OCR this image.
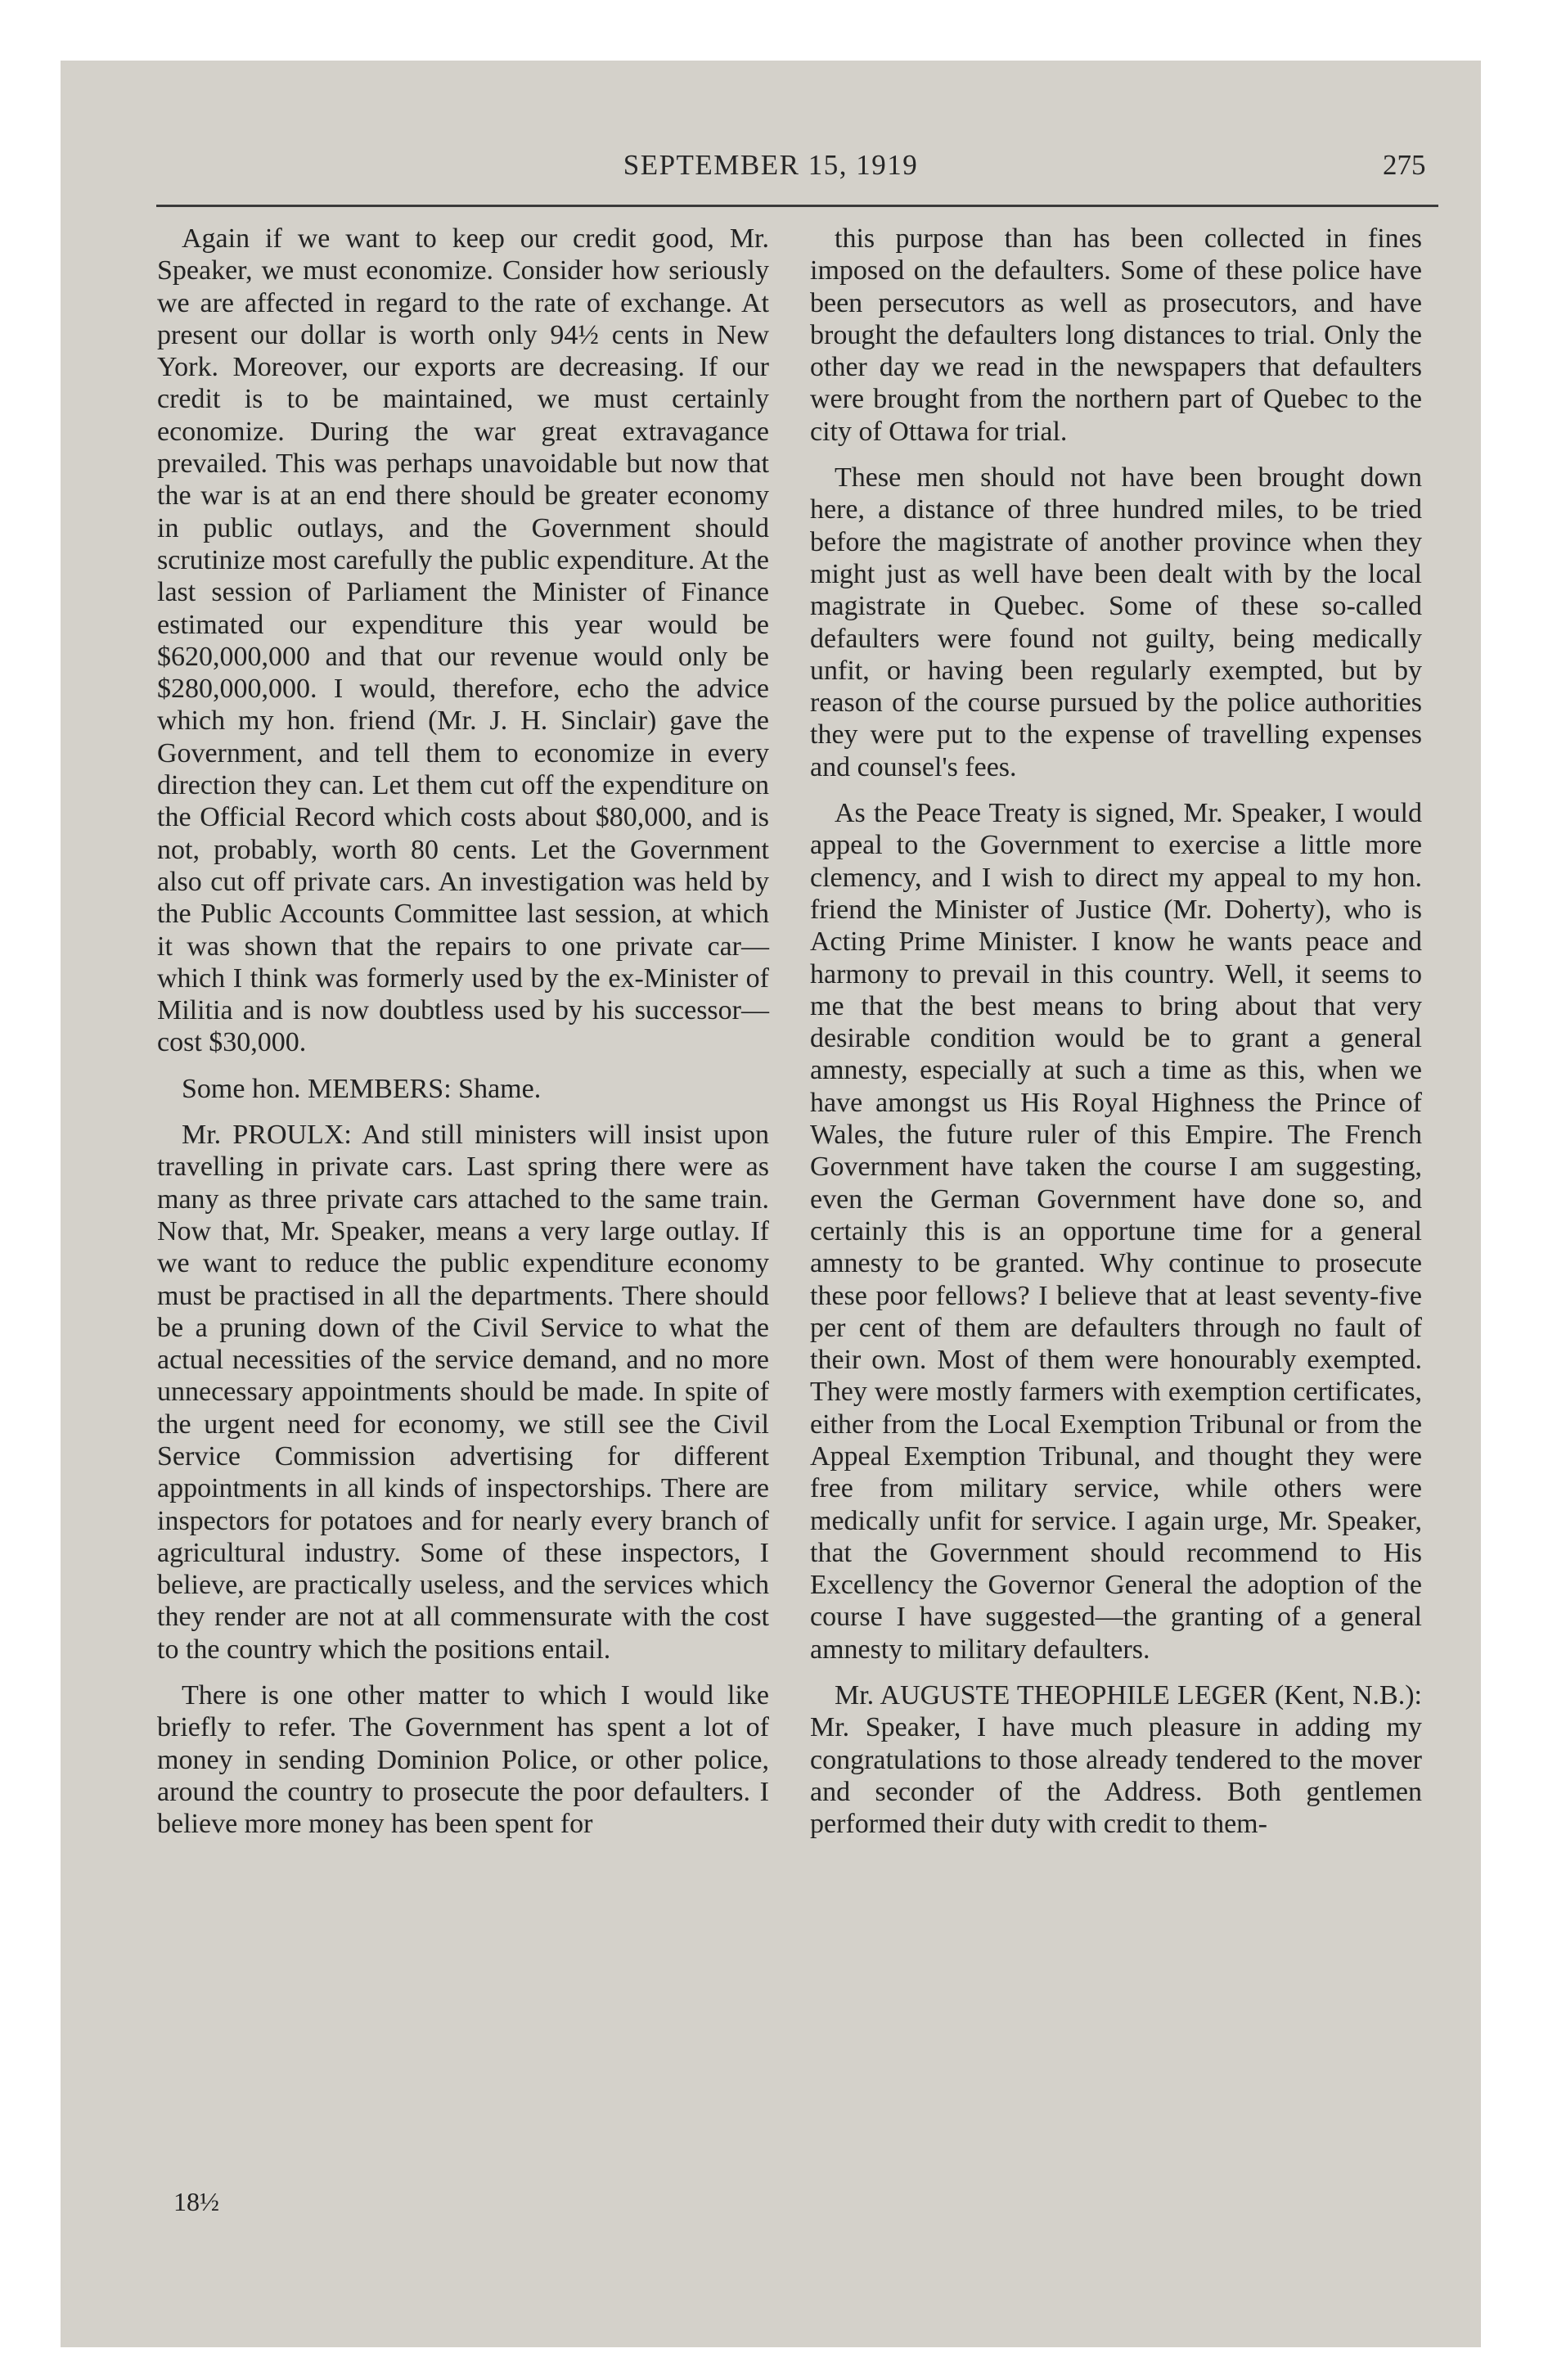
SEPTEMBER 15, 1919	275

Again if we want to keep our credit good, Mr. Speaker, we must economize. Consider how seriously we are affected in regard to the rate of exchange. At present our dollar is worth only 94½ cents in New York. Moreover, our exports are decreasing. If our credit is to be maintained, we must certainly economize. During the war great extravagance prevailed. This was perhaps unavoidable but now that the war is at an end there should be greater economy in public outlays, and the Government should scrutinize most carefully the public expenditure. At the last session of Parliament the Minister of Finance estimated our expenditure this year would be $620,000,000 and that our revenue would only be $280,000,000. I would, therefore, echo the advice which my hon. friend (Mr. J. H. Sinclair) gave the Government, and tell them to economize in every direction they can. Let them cut off the expenditure on the Official Record which costs about $80,000, and is not, probably, worth 80 cents. Let the Government also cut off private cars. An investigation was held by the Public Accounts Committee last session, at which it was shown that the repairs to one private car—which I think was formerly used by the ex-Minister of Militia and is now doubtless used by his successor—cost $30,000.

Some hon. MEMBERS: Shame.

Mr. PROULX: And still ministers will insist upon travelling in private cars. Last spring there were as many as three private cars attached to the same train. Now that, Mr. Speaker, means a very large outlay. If we want to reduce the public expenditure economy must be practised in all the departments. There should be a pruning down of the Civil Service to what the actual necessities of the service demand, and no more unnecessary appointments should be made. In spite of the urgent need for economy, we still see the Civil Service Commission advertising for different appointments in all kinds of inspectorships. There are inspectors for potatoes and for nearly every branch of agricultural industry. Some of these inspectors, I believe, are practically useless, and the services which they render are not at all commensurate with the cost to the country which the positions entail.

There is one other matter to which I would like briefly to refer. The Government has spent a lot of money in sending Dominion Police, or other police, around the country to prosecute the poor defaulters. I believe more money has been spent for

this purpose than has been collected in fines imposed on the defaulters. Some of these police have been persecutors as well as prosecutors, and have brought the defaulters long distances to trial. Only the other day we read in the newspapers that defaulters were brought from the northern part of Quebec to the city of Ottawa for trial.

These men should not have been brought down here, a distance of three hundred miles, to be tried before the magistrate of another province when they might just as well have been dealt with by the local magistrate in Quebec. Some of these so-called defaulters were found not guilty, being medically unfit, or having been regularly exempted, but by reason of the course pursued by the police authorities they were put to the expense of travelling expenses and counsel's fees.

As the Peace Treaty is signed, Mr. Speaker, I would appeal to the Government to exercise a little more clemency, and I wish to direct my appeal to my hon. friend the Minister of Justice (Mr. Doherty), who is Acting Prime Minister. I know he wants peace and harmony to prevail in this country. Well, it seems to me that the best means to bring about that very desirable condition would be to grant a general amnesty, especially at such a time as this, when we have amongst us His Royal Highness the Prince of Wales, the future ruler of this Empire. The French Government have taken the course I am suggesting, even the German Government have done so, and certainly this is an opportune time for a general amnesty to be granted. Why continue to prosecute these poor fellows? I believe that at least seventy-five per cent of them are defaulters through no fault of their own. Most of them were honourably exempted. They were mostly farmers with exemption certificates, either from the Local Exemption Tribunal or from the Appeal Exemption Tribunal, and thought they were free from military service, while others were medically unfit for service. I again urge, Mr. Speaker, that the Government should recommend to His Excellency the Governor General the adoption of the course I have suggested—the granting of a general amnesty to military defaulters.

Mr. AUGUSTE THEOPHILE LEGER (Kent, N.B.): Mr. Speaker, I have much pleasure in adding my congratulations to those already tendered to the mover and seconder of the Address. Both gentlemen performed their duty with credit to them-

18½
